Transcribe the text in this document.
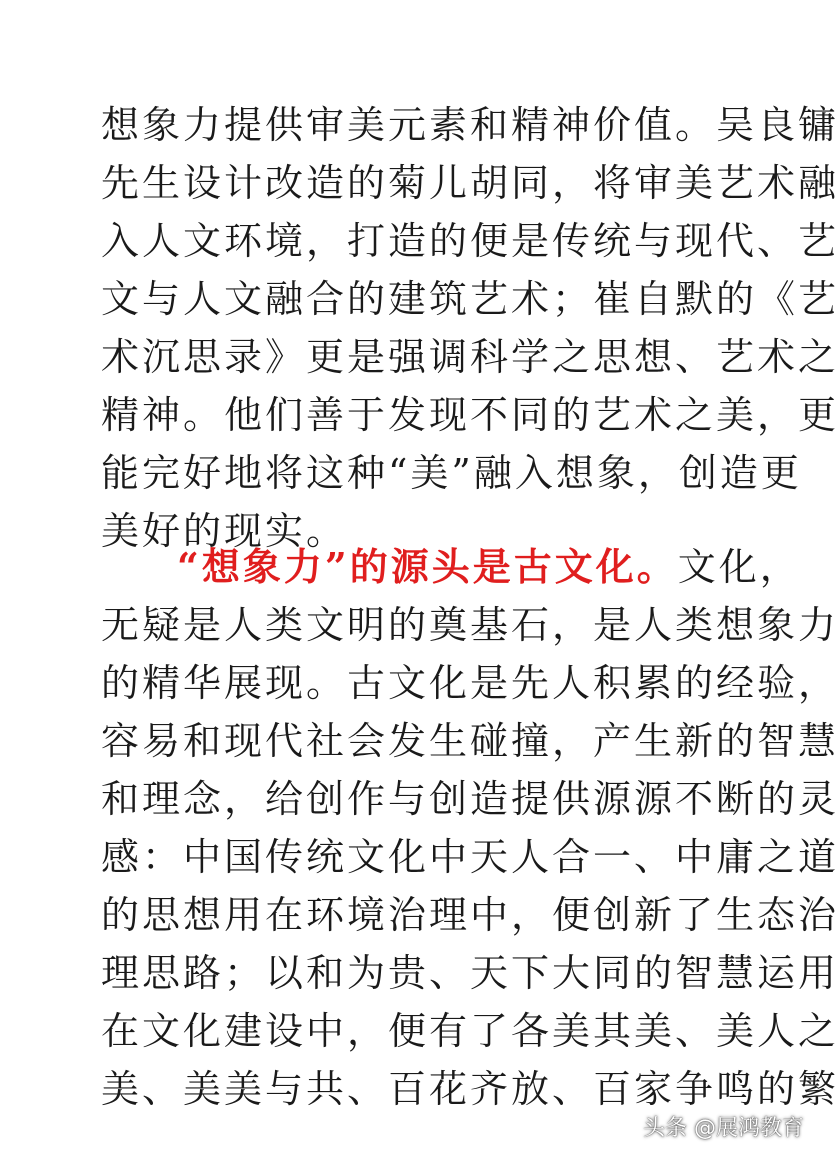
想象力提供审美元素和精神价值。吴良镛
先生设计改造的菊儿胡同，将审美艺术融
入人文环境，打造的便是传统与现代、艺
文与人文融合的建筑艺术；崔自默的《艺
术沉思录》更是强调科学之思想、艺术之
精神。他们善于发现不同的艺术之美，更
能完好地将这种“美”融入想象，创造更
美好的现实。
“想象力”的源头是古文化。文化，
无疑是人类文明的奠基石，是人类想象力
的精华展现。古文化是先人积累的经验，
容易和现代社会发生碰撞，产生新的智慧
和理念，给创作与创造提供源源不断的灵
感：中国传统文化中天人合一、中庸之道
的思想用在环境治理中，便创新了生态治
理思路；以和为贵、天下大同的智慧运用
在文化建设中，便有了各美其美、美人之
美、美美与共、百花齐放、百家争鸣的繁
头条 @展鸿教育
